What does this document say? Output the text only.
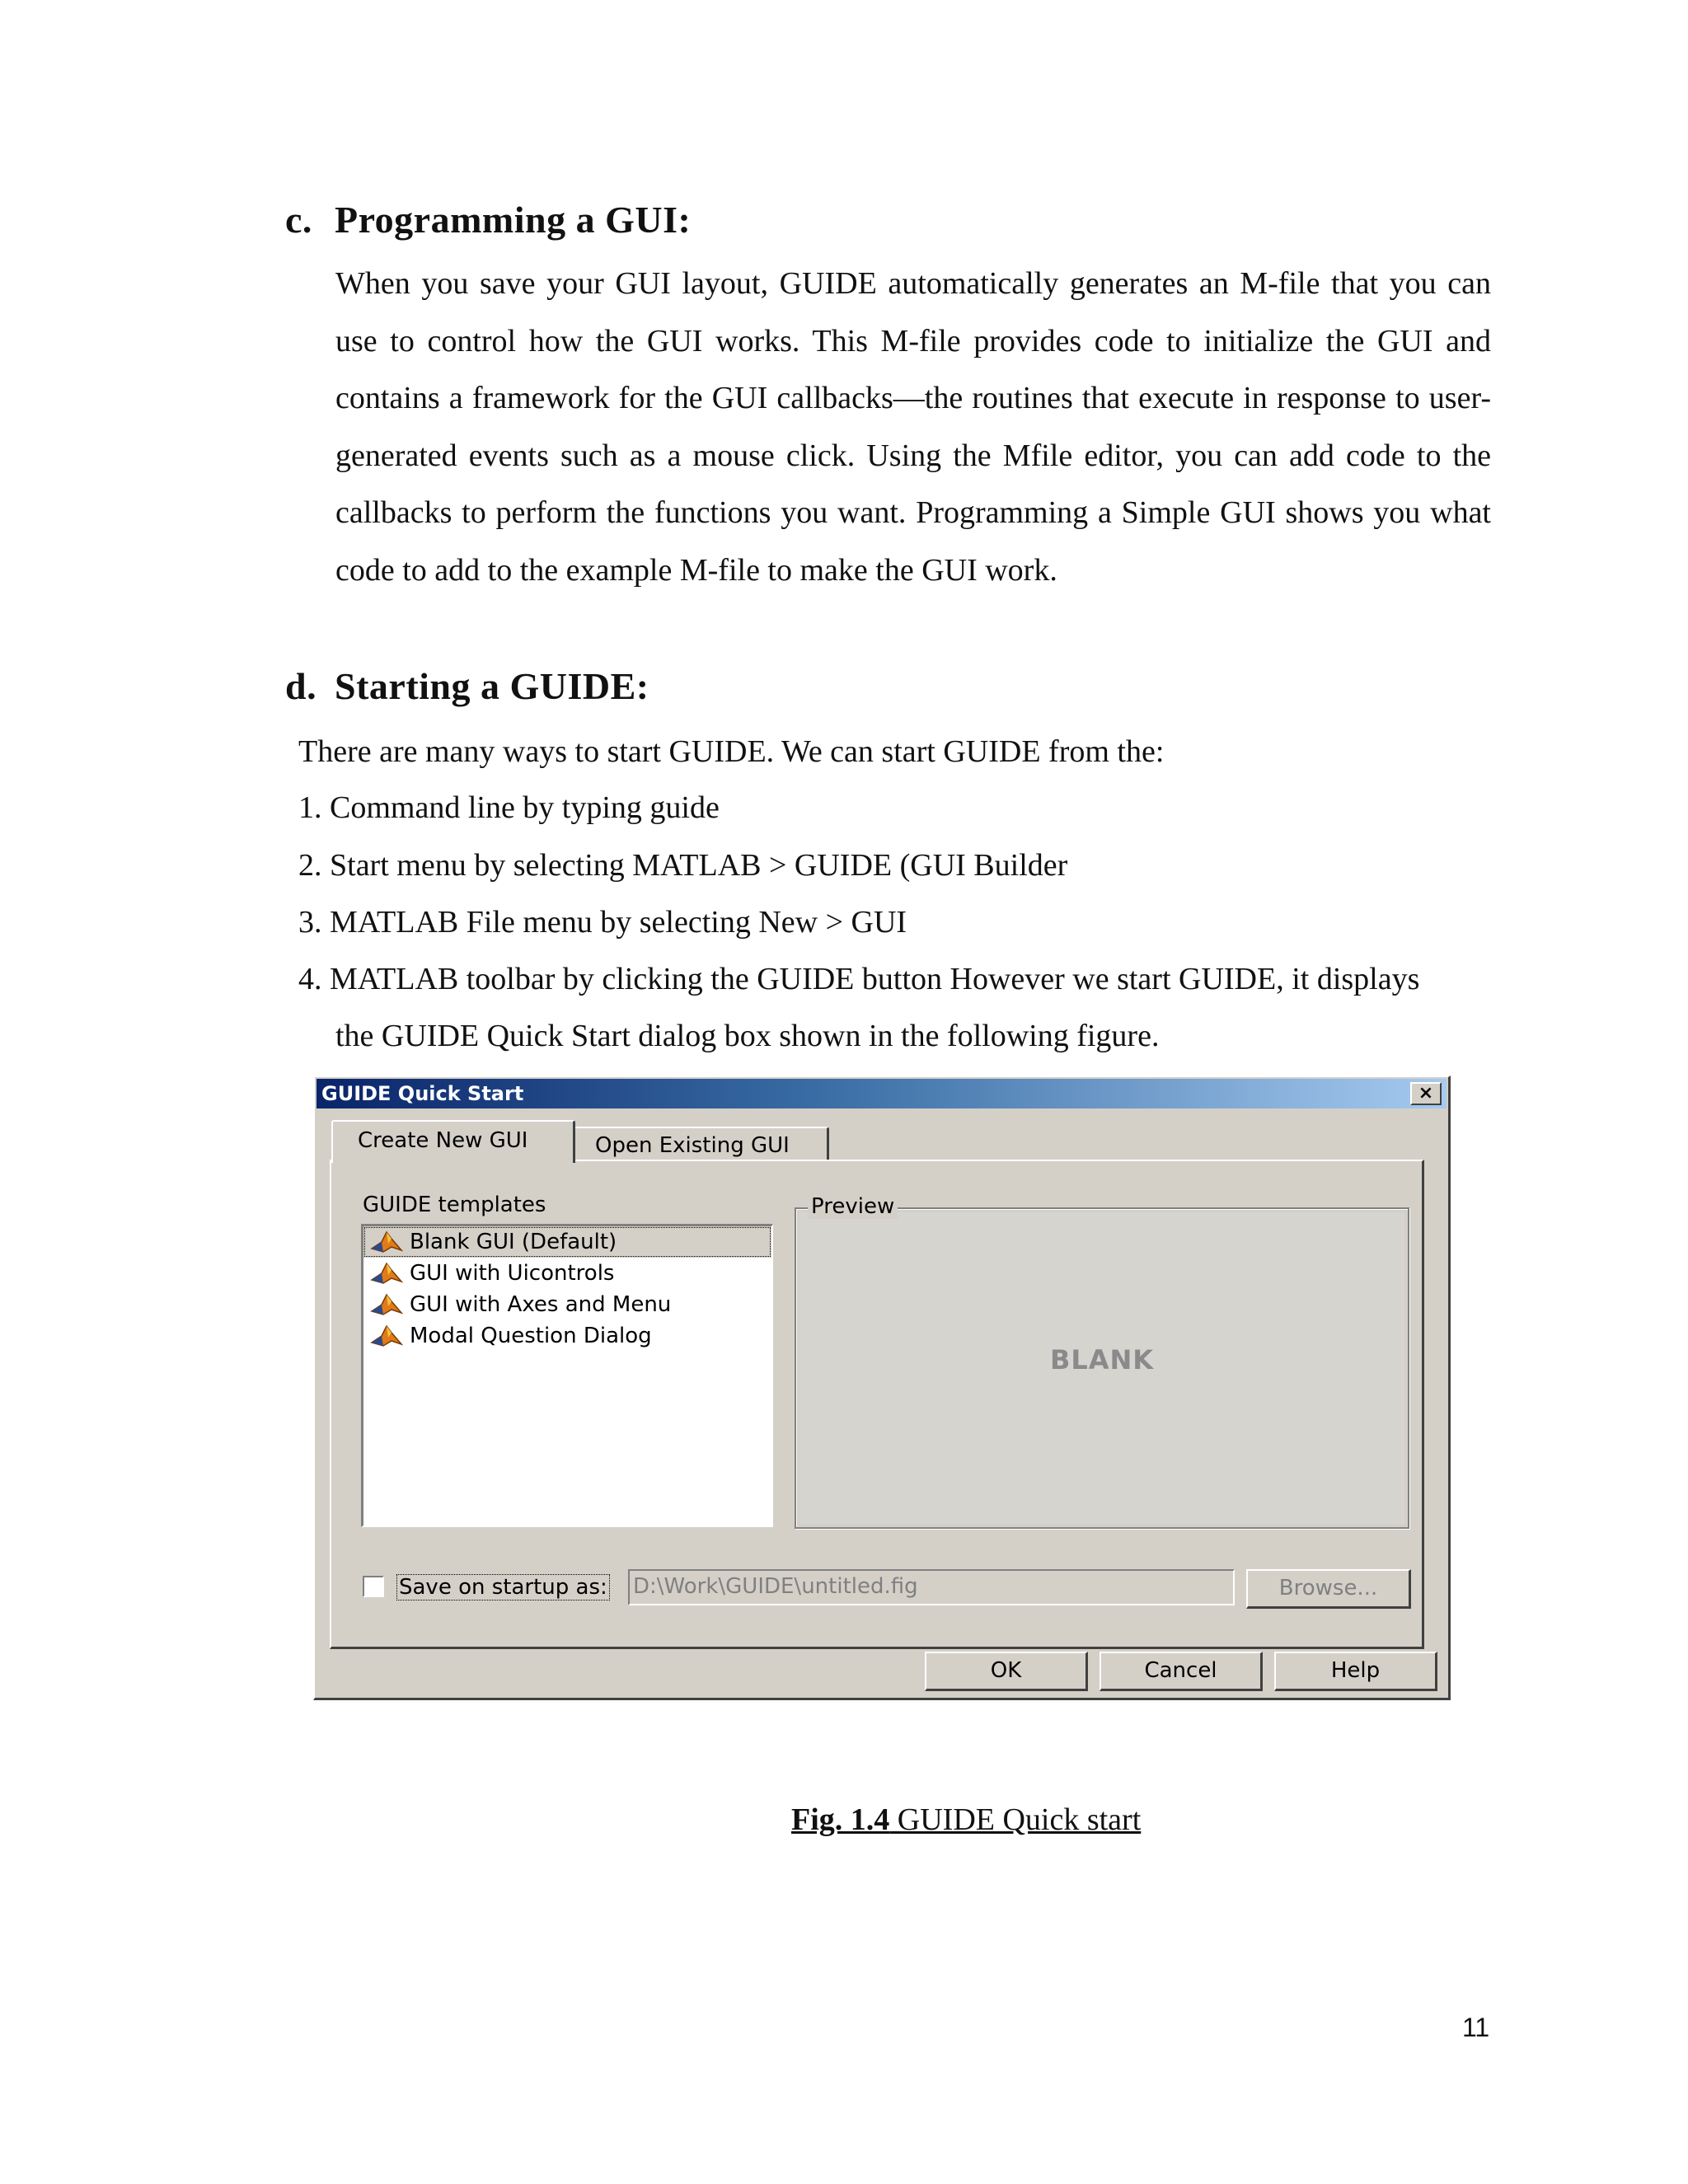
c. Programming a GUI:

When you save your GUI layout, GUIDE automatically generates an M-file that you can use to control how the GUI works. This M-file provides code to initialize the GUI and contains a framework for the GUI callbacks—the routines that execute in response to user-generated events such as a mouse click. Using the Mfile editor, you can add code to the callbacks to perform the functions you want. Programming a Simple GUI shows you what code to add to the example M-file to make the GUI work.

d. Starting a GUIDE:

There are many ways to start GUIDE. We can start GUIDE from the:

1. Command line by typing guide

2. Start menu by selecting MATLAB > GUIDE (GUI Builder

3. MATLAB File menu by selecting New > GUI

4. MATLAB toolbar by clicking the GUIDE button However we start GUIDE, it displays

the GUIDE Quick Start dialog box shown in the following figure.

GUIDE Quick Start	×
Create New GUI	Open Existing GUI
GUIDE templates
Blank GUI (Default)
GUI with Uicontrols
GUI with Axes and Menu
Modal Question Dialog
BLANK
Preview
Save on startup as: D:\Work\GUIDE\untitled.fig	Browse...
OK	Cancel	Help
Fig. 1.4 GUIDE Quick start
11
